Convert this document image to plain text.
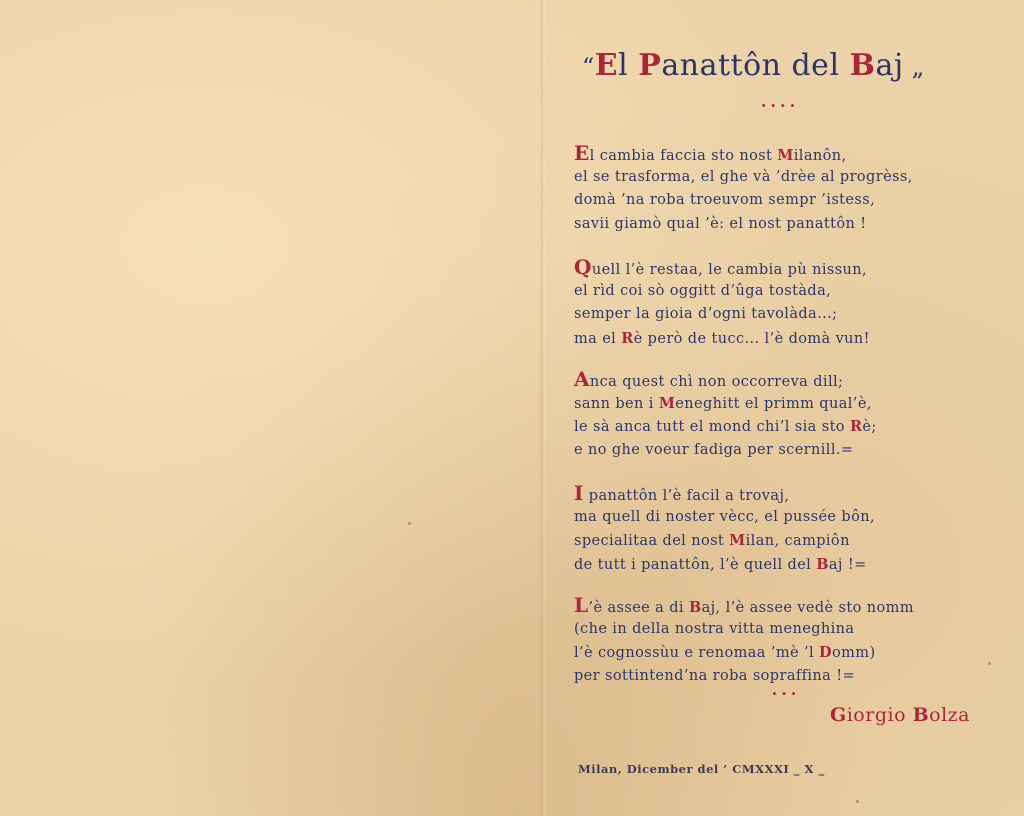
“El Panattôn del Baj „
....
El cambia faccia sto nost Milanôn,
el se trasforma, el ghe và ’drèe al progrèss,
domà ’na roba troeuvom sempr ’istess,
savii giamò qual ’è: el nost panattôn !
Quell l’è restaa, le cambia pù nissun,
el rìd coi sò oggitt d’ûga tostàda,
semper la gioia d’ogni tavolàda...;
ma el Rè però de tucc... l’è domà vun!
Anca quest chì non occorreva dill;
sann ben i Meneghitt el primm qual’è,
le sà anca tutt el mond chi’l sia sto Rè;
e no ghe voeur fadiga per scernill.=
I panattôn l’è facil a trovaj,
ma quell di noster vècc, el pussée bôn,
specialitaa del nost Milan, campiôn
de tutt i panattôn, l’è quell del Baj !=
L’è assee a di Baj, l’è assee vedè sto nomm
(che in della nostra vitta meneghina
l’è cognossùu e renomaa ’mè ’l Domm)
per sottintend’na roba sopraffina !=
...
Giorgio Bolza
Milan, Dicember del ’ CMXXXI _ X _
